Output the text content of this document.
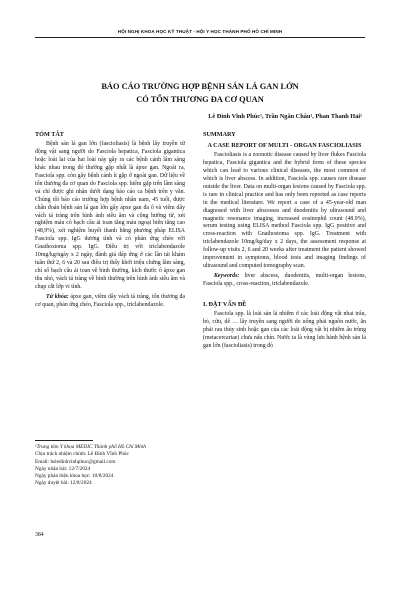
HỘI NGHỊ KHOA HỌC KỸ THUẬT - HỘI Y HỌC THÀNH PHỐ HỒ CHÍ MINH
BÁO CÁO TRƯỜNG HỢP BỆNH SÁN LÁ GAN LỚN
CÓ TỔN THƯƠNG ĐA CƠ QUAN
Lê Đình Vĩnh Phúc¹, Trần Ngân Châu¹, Phan Thanh Hải¹
TÓM TẮT

Bệnh sán lá gan lớn (fascioliasis) là bệnh lây truyền từ động vật sang người do Fasciola hepatica, Fasciola gigantica hoặc loài lai của hai loài này gây ra các bệnh cảnh lâm sàng khác nhau trong đó thường gặp nhất là ápxe gan. Ngoài ra, Fasciola spp. còn gây bệnh cảnh ít gặp ở ngoài gan. Dữ liệu về tổn thương đa cơ quan do Fasciola spp. hiếm gặp trên lâm sàng và chỉ được ghi nhận dưới dạng báo cáo ca bệnh trên y văn. Chúng tôi báo cáo trường hợp bệnh nhân nam, 45 tuổi, được chẩn đoán bệnh sán lá gan lớn gây ápxe gan đa ổ và viêm dây vách tá tràng trên hình ảnh siêu âm và cộng hưởng từ, xét nghiệm máu có bạch cầu ái toan tăng máu ngoại biên tăng cao (48,9%), xét nghiệm huyết thanh bằng phương pháp ELISA Fasciola spp. IgG dương tính và có phản ứng chéo với Gnathostoma spp. IgG. Điều trị với triclabendazole 10mg/kg/ngày x 2 ngày, đánh giá đáp ứng ở các lần tái khám tuần thứ 2, 6 và 20 sau điều trị thấy khởi triệu chứng lâm sàng, chỉ số bạch cầu ái toan về bình thường, kích thước ổ ápxe gan thu nhỏ, vách tá tràng về bình thường trên hình ảnh siêu âm và chụp cắt lớp vi tính.

Từ khóa: ápxe gan, viêm dây vách tá tràng, tổn thương đa cơ quan, phản ứng chéo, Fasciola spp., triclabendazole.

SUMMARY
A CASE REPORT OF MULTI - ORGAN FASCIOLIASIS

Fascioliasis is a zoonotic disease caused by liver flukes Fasciola hepatica, Fasciola gigantica and the hybrid form of these species which can lead to various clinical diseases, the most common of which is liver abscess. In addition, Fasciola spp. causes rare disease outside the liver. Data on multi-organ lesions caused by Fasciola spp. is rare in clinical practice and has only been reported as case reports in the medical literature. We report a case of a 45-year-old man diagnosed with liver abscesses and duodenitis by ultrasound and magnetic resonance imaging, increased eosinophil count (48.9%), serum testing using ELISA method Fasciola spp. IgG positive and cross-reaction with Gnathostoma spp. IgG. Treatment with triclabendazole 10mg/kg/day x 2 days, the assessment response at follow-up visits 2, 6 and 20 weeks after treatment the patient showed improvement in symptoms, blood tests and imaging findings of ultrasound and computed tomography scan.

Keywords: liver abscess, duodenitis, multi-organ lesions, Fasciola spp., cross-reaction, triclabendazole.

I. ĐẶT VẤN ĐỀ

Fasciola spp. là loài sán lá nhiễm ở các loài động vật nhai trâu, bò, cừu, dê … lây truyền sang người do uống phải nguồn nước, ăn phải rau thủy sinh hoặc gan của các loài động vật bị nhiễm ấu trùng (metacercariae) chưa nấu chín. Nước ta là vùng lưu hành bệnh sán lá gan lớn (fascioliasis) trong đó

¹Trung tâm Y khoa MEDIC Thành phố Hồ Chí Minh
Chịu trách nhiệm chính: Lê Đình Vĩnh Phúc
Email: bsledinhvinhphuc@gmail.com
Ngày nhận bài: 12/7/2024
Ngày phản biện khoa học: 10/8/2024
Ngày duyệt bài: 12/8/2024
384
